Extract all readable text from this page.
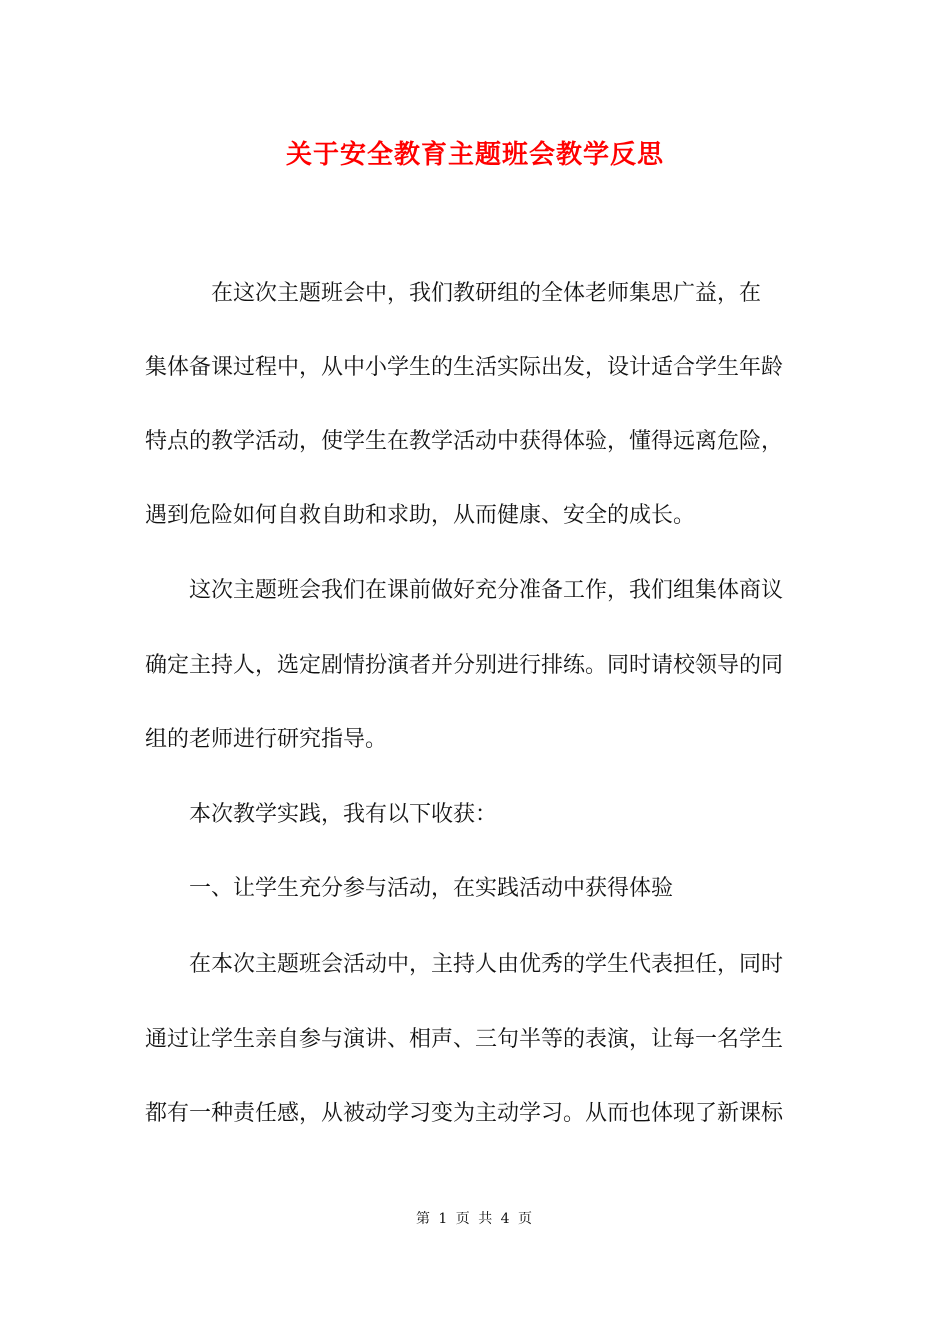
关于安全教育主题班会教学反思
　　　在这次主题班会中，我们教研组的全体老师集思广益，在
集体备课过程中，从中小学生的生活实际出发，设计适合学生年龄
特点的教学活动，使学生在教学活动中获得体验，懂得远离危险，
遇到危险如何自救自助和求助，从而健康、安全的成长。
　　这次主题班会我们在课前做好充分准备工作，我们组集体商议
确定主持人，选定剧情扮演者并分别进行排练。同时请校领导的同
组的老师进行研究指导。
　　本次教学实践，我有以下收获：
　　一、让学生充分参与活动，在实践活动中获得体验
　　在本次主题班会活动中，主持人由优秀的学生代表担任，同时
通过让学生亲自参与演讲、相声、三句半等的表演，让每一名学生
都有一种责任感，从被动学习变为主动学习。从而也体现了新课标
第 1 页 共 4 页
